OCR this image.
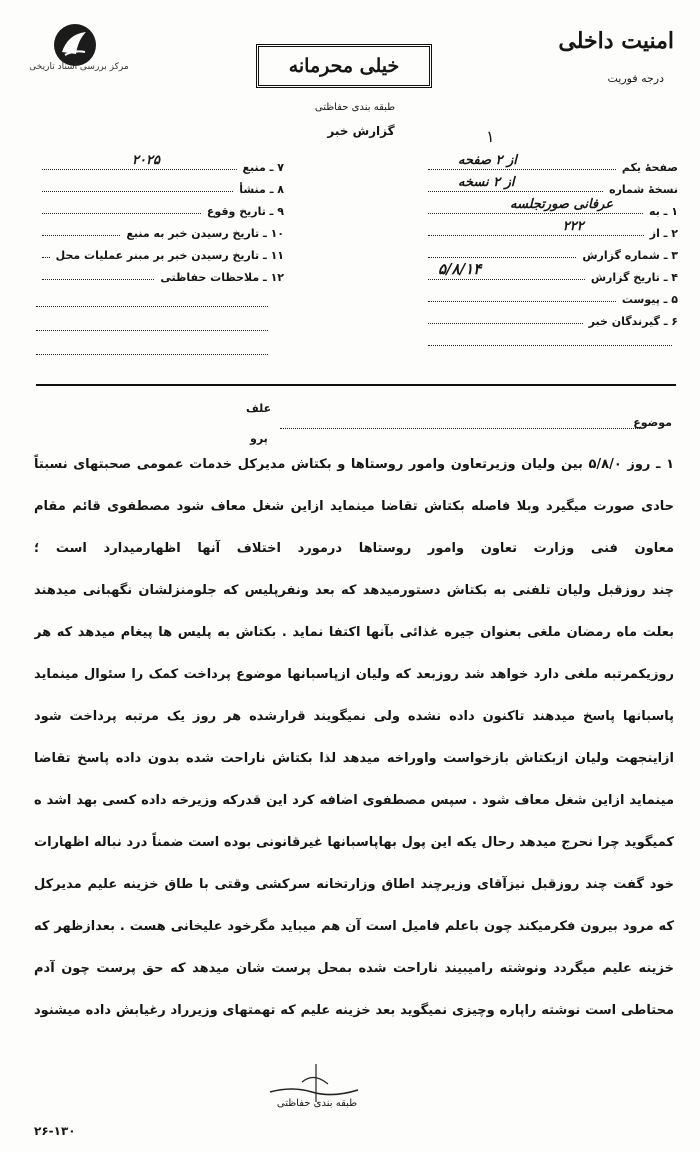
مرکز بررسی اسناد تاریخی
امنیت داخلی
درجه فوریت
خیلی محرمانه
طبقه بندی حفاظتی
گزارش خبر	۱
صفحهٔ یکم
از ۲ صفحه
نسخهٔ شماره
از ۲ نسخه
۱ ـ به
عرفانی صورتجلسه
۲ ـ از
۲۲۲
۳ ـ شماره گزارش
۴ ـ تاریخ گزارش
۵/۸/۱۴
۵ ـ پیوست
۶ ـ گیرندگان خبر
۷ ـ منبع
۲۰۲۵
۸ ـ منشأ
۹ ـ تاریخ وقوع
۱۰ ـ تاریخ رسیدن خبر به منبع
۱۱ ـ تاریخ رسیدن خبر بر مبنر عملیات محل
۱۲ ـ ملاحظات حفاظتی
موضوع
علف
پرو

۱ ـ روز ۵/۸/۰ بین ولیان وزیرتعاون وامور روستاها و بکتاش مدیرکل خدمات عمومی صحبتهای نسبتاً حادی صورت میگیرد وبلا فاصله بکتاش تقاضا مینماید ازاین شغل معاف شود مصطفوی قائم مقام معاون فنی وزارت تعاون وامور روستاها درمورد اختلاف آنها اظهارمیدارد است ؛

چند روزقبل ولیان تلفنی به بکتاش دستورمیدهد که بعد ونفرپلیس که جلومنزلشان نگهبانی میدهند بعلت ماه رمضان ملغی بعنوان جیره غذائی بآنها اکتفا نماید . بکتاش به پلیس ها پیغام میدهد که هر روزیکمرتبه ملغی دارد خواهد شد روزبعد که ولیان ازپاسبانها موضوع پرداخت کمک را سئوال مینماید پاسبانها پاسخ میدهند تاکنون داده نشده ولی نمیگویند قرارشده هر روز یک مرتبه پرداخت شود ازاینجهت ولیان ازبکتاش بازخواست واوراخه میدهد لذا بکتاش ناراحت شده بدون داده پاسخ تقاضا مینماید ازاین شغل معاف شود . سپس مصطفوی اضافه کرد این قدرکه وزیرخه داده کسی بهد اشد ه کمیگوید چرا نحرج میدهد رحال یکه این پول بهاپاسبانها غیرقانونی بوده است ضمناً درد نباله اظهارات خود گفت چند روزقبل نیزآقای وزیرچند اطاق وزارتخانه سرکشی وقتی با طاق خزینه علیم مدیرکل

که مرود بیرون فکرمیکند چون باعلم فامیل است آن هم میباید مگرخود علیخانی هست . بعدازظهر که خزینه علیم میگردد ونوشته رامیبیند ناراحت شده بمحل پرست شان میدهد که حق پرست چون آدم محتاطی است نوشته راپاره وچیزی نمیگوید بعد خزینه علیم که تهمتهای وزیرراد رغیابش داده میشنود

طبقه بندی حفاظتی
۲۶-۱۳۰
